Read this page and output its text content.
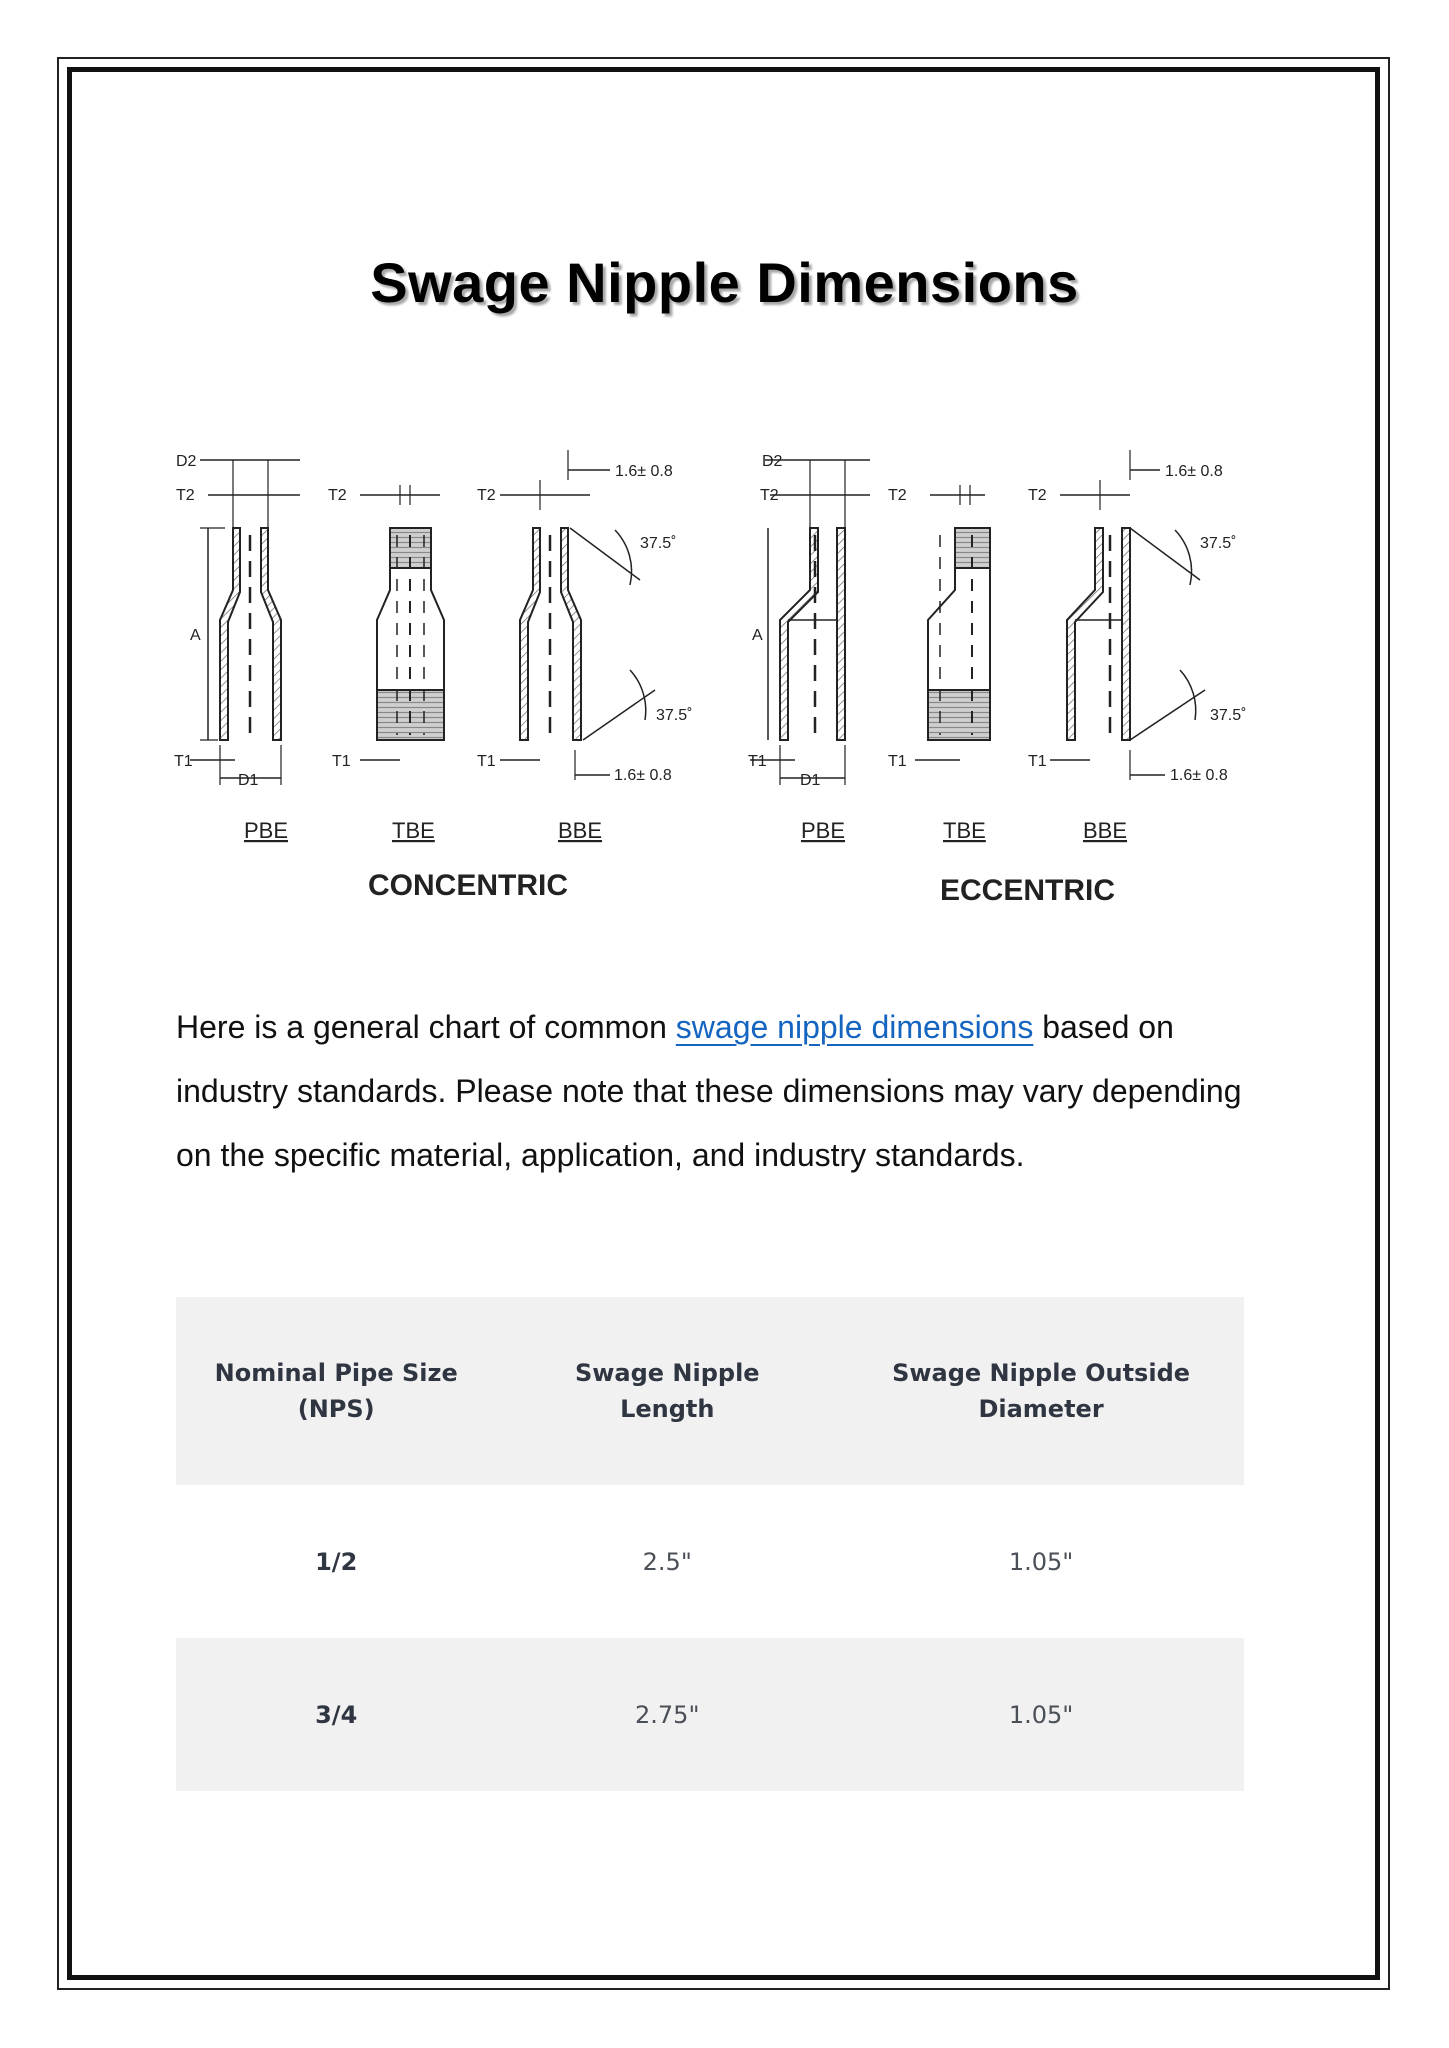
Swage Nipple Dimensions
D2
T2
A
T1
D1
PBE
T2
T1
TBE
T2
1.6± 0.8
37.5˚
37.5˚
T1
1.6± 0.8
BBE
CONCENTRIC
D2
T2
A
T1
D1
PBE
T2
T1
TBE
T2
1.6± 0.8
37.5˚
37.5˚
T1
1.6± 0.8
BBE
ECCENTRIC

Here is a general chart of common swage nipple dimensions based on industry standards. Please note that these dimensions may vary depending on the specific material, application, and industry standards.

Nominal Pipe Size (NPS)	Swage Nipple Length	Swage Nipple Outside Diameter
1/2	2.5"	1.05"
3/4	2.75"	1.05"
